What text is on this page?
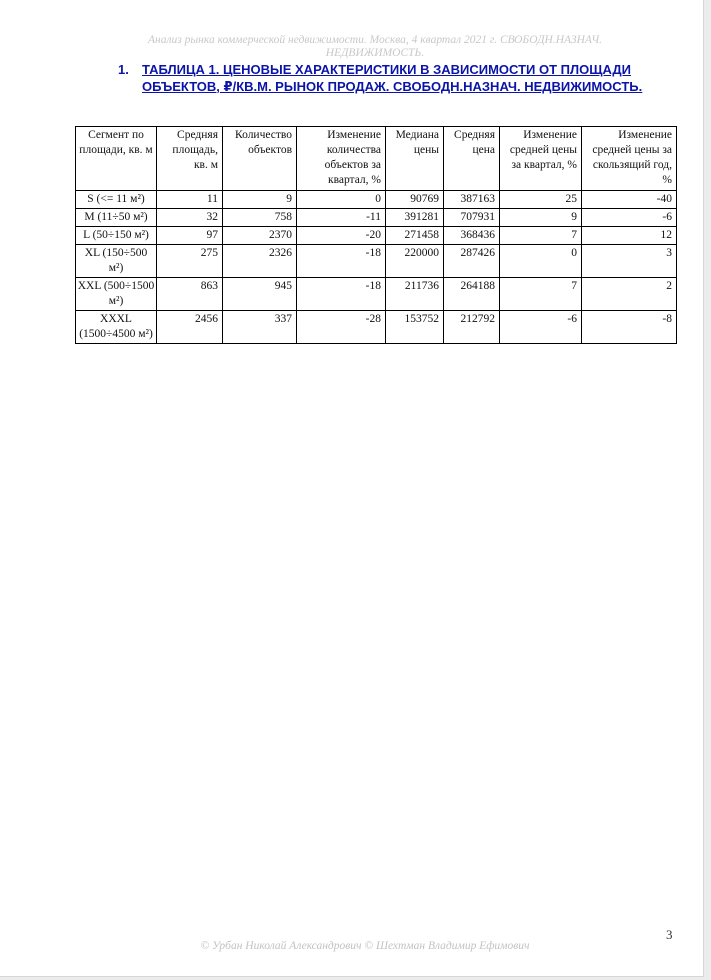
Анализ рынка коммерческой недвижимости. Москва, 4 квартал 2021 г. СВОБОДН.НАЗНАЧ. НЕДВИЖИМОСТЬ.
1. ТАБЛИЦА 1. ЦЕНОВЫЕ ХАРАКТЕРИСТИКИ В ЗАВИСИМОСТИ ОТ ПЛОЩАДИ ОБЪЕКТОВ, ₽/КВ.М. РЫНОК ПРОДАЖ. СВОБОДН.НАЗНАЧ. НЕДВИЖИМОСТЬ.
Сегмент по площади, кв. м	Средняя площадь, кв. м	Количество объектов	Изменение количества объектов за квартал, %	Медиана цены	Средняя цена	Изменение средней цены за квартал, %	Изменение средней цены за скользящий год, %
S (<= 11 м²)	11	9	0	90769	387163	25	-40
M (11÷50 м²)	32	758	-11	391281	707931	9	-6
L (50÷150 м²)	97	2370	-20	271458	368436	7	12
XL (150÷500 м²)	275	2326	-18	220000	287426	0	3
XXL (500÷1500 м²)	863	945	-18	211736	264188	7	2
XXXL (1500÷4500 м²)	2456	337	-28	153752	212792	-6	-8
3
© Урбан Николай Александрович © Шехтман Владимир Ефимович
